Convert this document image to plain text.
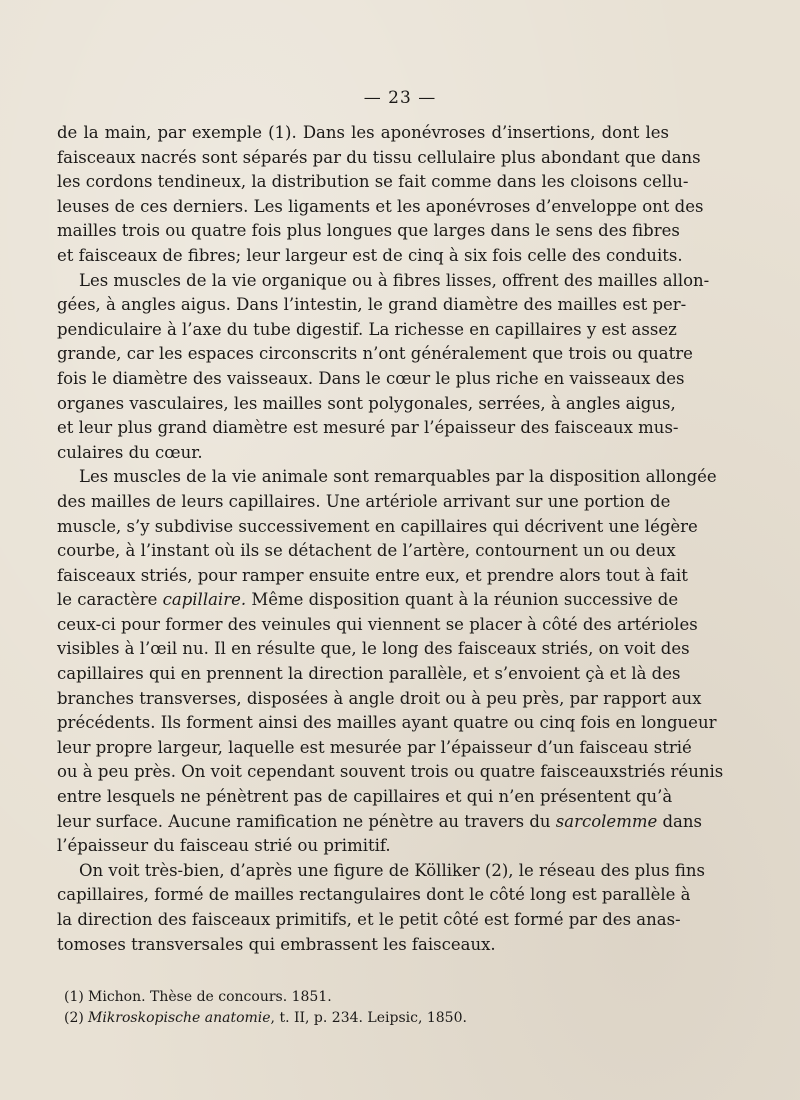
— 23 —
de la main, par exemple (1). Dans les aponévroses d’insertions, dont les
faisceaux nacrés sont séparés par du tissu cellulaire plus abondant que dans
les cordons tendineux, la distribution se fait comme dans les cloisons cellu-
leuses de ces derniers. Les ligaments et les aponévroses d’enveloppe ont des
mailles trois ou quatre fois plus longues que larges dans le sens des fibres
et faisceaux de fibres; leur largeur est de cinq à six fois celle des conduits.
Les muscles de la vie organique ou à fibres lisses, offrent des mailles allon-
gées, à angles aigus. Dans l’intestin, le grand diamètre des mailles est per-
pendiculaire à l’axe du tube digestif. La richesse en capillaires y est assez
grande, car les espaces circonscrits n’ont généralement que trois ou quatre
fois le diamètre des vaisseaux. Dans le cœur le plus riche en vaisseaux des
organes vasculaires, les mailles sont polygonales, serrées, à angles aigus,
et leur plus grand diamètre est mesuré par l’épaisseur des faisceaux mus-
culaires du cœur.
Les muscles de la vie animale sont remarquables par la disposition allongée
des mailles de leurs capillaires. Une artériole arrivant sur une portion de
muscle, s’y subdivise successivement en capillaires qui décrivent une légère
courbe, à l’instant où ils se détachent de l’artère, contournent un ou deux
faisceaux striés, pour ramper ensuite entre eux, et prendre alors tout à fait
le caractère capillaire. Même disposition quant à la réunion successive de
ceux-ci pour former des veinules qui viennent se placer à côté des artérioles
visibles à l’œil nu. Il en résulte que, le long des faisceaux striés, on voit des
capillaires qui en prennent la direction parallèle, et s’envoient çà et là des
branches transverses, disposées à angle droit ou à peu près, par rapport aux
précédents. Ils forment ainsi des mailles ayant quatre ou cinq fois en longueur
leur propre largeur, laquelle est mesurée par l’épaisseur d’un faisceau strié
ou à peu près. On voit cependant souvent trois ou quatre faisceauxstriés réunis
entre lesquels ne pénètrent pas de capillaires et qui n’en présentent qu’à
leur surface. Aucune ramification ne pénètre au travers du sarcolemme dans
l’épaisseur du faisceau strié ou primitif.
On voit très-bien, d’après une figure de Kölliker (2), le réseau des plus fins
capillaires, formé de mailles rectangulaires dont le côté long est parallèle à
la direction des faisceaux primitifs, et le petit côté est formé par des anas-
tomoses transversales qui embrassent les faisceaux.
(1) Michon. Thèse de concours. 1851.
(2) Mikroskopische anatomie, t. II, p. 234. Leipsic, 1850.
